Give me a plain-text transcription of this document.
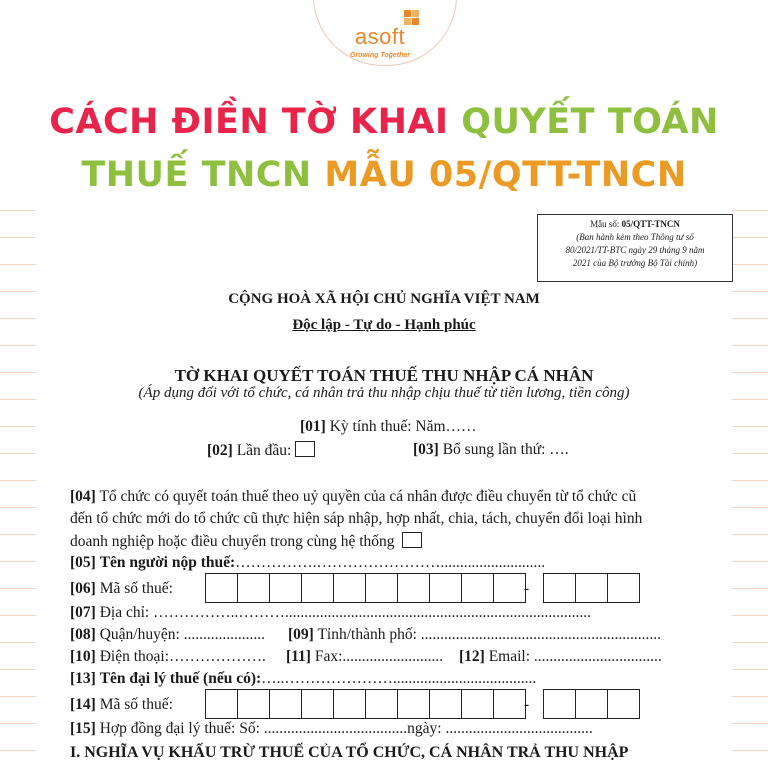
asoft
Growing Together
CÁCH ĐIỀN TỜ KHAI QUYẾT TOÁN
THUẾ TNCN MẪU 05/QTT-TNCN
Mẫu số: 05/QTT-TNCN
(Ban hành kèm theo Thông tư số
80/2021/TT-BTC ngày 29 tháng 9 năm
2021 của Bộ trưởng Bộ Tài chính)
CỘNG HOÀ XÃ HỘI CHỦ NGHĨA VIỆT NAM
Độc lập - Tự do - Hạnh phúc
TỜ KHAI QUYẾT TOÁN THUẾ THU NHẬP CÁ NHÂN
(Áp dụng đối với tổ chức, cá nhân trả thu nhập chịu thuế từ tiền lương, tiền công)
[01] Kỳ tính thuế: Năm……
[02] Lần đầu:	[03] Bổ sung lần thứ: ….
[04] Tổ chức có quyết toán thuế theo uỷ quyền của cá nhân được điều chuyển từ tổ chức cũ
đến tổ chức mới do tổ chức cũ thực hiện sáp nhập, hợp nhất, chia, tách, chuyển đổi loại hình
doanh nghiệp hoặc điều chuyển trong cùng hệ thống
[05] Tên người nộp thuế:…………….……………………...........................
[06] Mã số thuế:	-
[07] Địa chỉ: ……………..………...............................................................................
[08] Quận/huyện: ..................... [09] Tỉnh/thành phố: ..............................................................
[10] Điện thoại:………………. [11] Fax:.......................... [12] Email: .................................
[13] Tên đại lý thuế (nếu có):…..………………….....................................
[14] Mã số thuế:	-
[15] Hợp đồng đại lý thuế: Số: .....................................ngày: ......................................
I. NGHĨA VỤ KHẤU TRỪ THUẾ CỦA TỔ CHỨC, CÁ NHÂN TRẢ THU NHẬP
